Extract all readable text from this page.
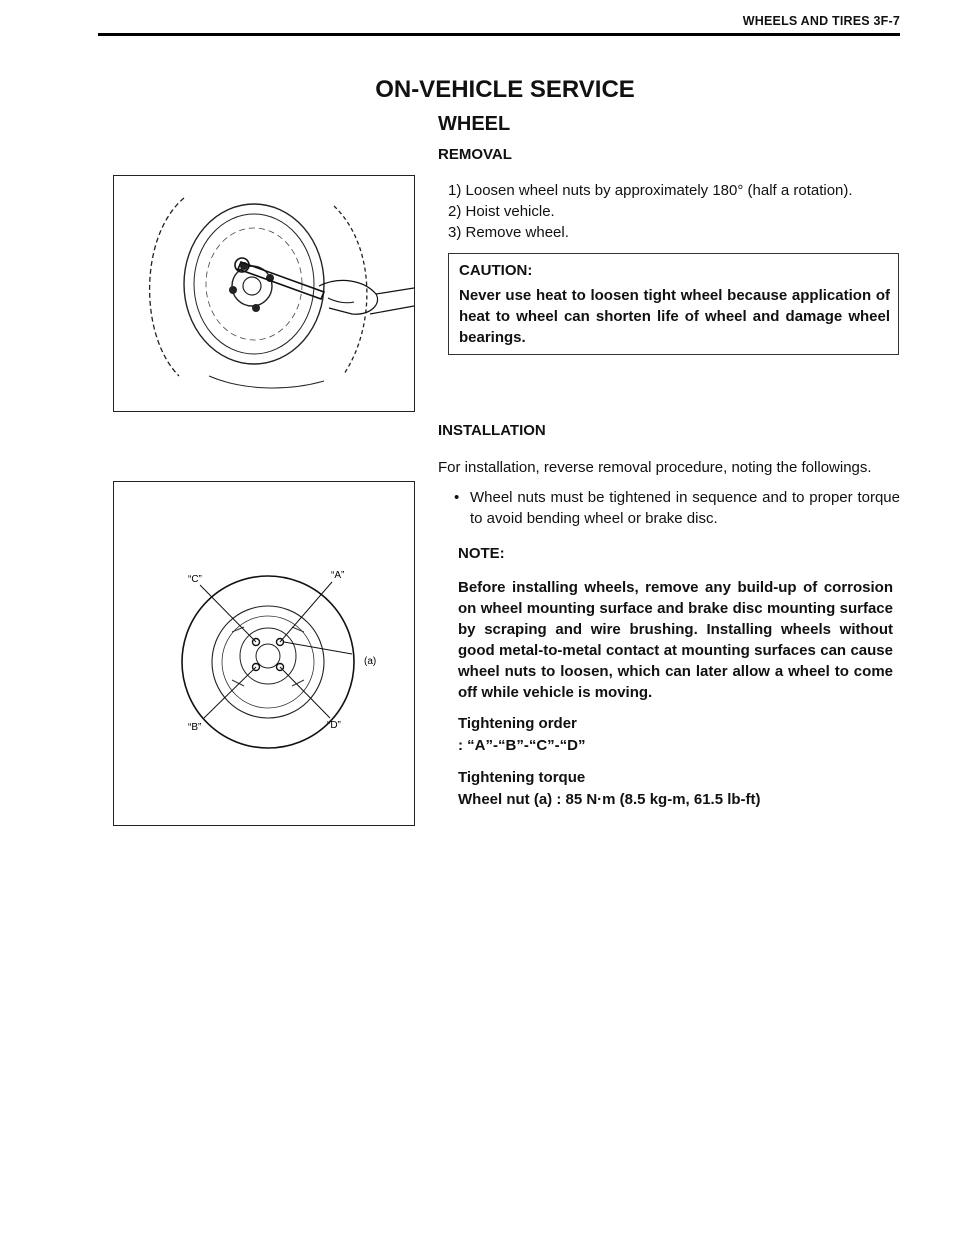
WHEELS AND TIRES 3F-7
ON-VEHICLE SERVICE
WHEEL
REMOVAL
1) Loosen wheel nuts by approximately 180° (half a rotation).
2) Hoist vehicle.
3) Remove wheel.
CAUTION:
Never use heat to loosen tight wheel because application of heat to wheel can shorten life of wheel and damage wheel bearings.
INSTALLATION
For installation, reverse removal procedure, noting the followings.
“C”	“A”
“B”	“D”
(a)
• Wheel nuts must be tightened in sequence and to proper torque to avoid bending wheel or brake disc.
NOTE:
Before installing wheels, remove any build-up of corrosion on wheel mounting surface and brake disc mounting surface by scraping and wire brushing. Installing wheels without good metal-to-metal contact at mounting surfaces can cause wheel nuts to loosen, which can later allow a wheel to come off while vehicle is moving.
Tightening order
: “A”-“B”-“C”-“D”
Tightening torque
Wheel nut (a) : 85 N·m (8.5 kg-m, 61.5 lb-ft)
